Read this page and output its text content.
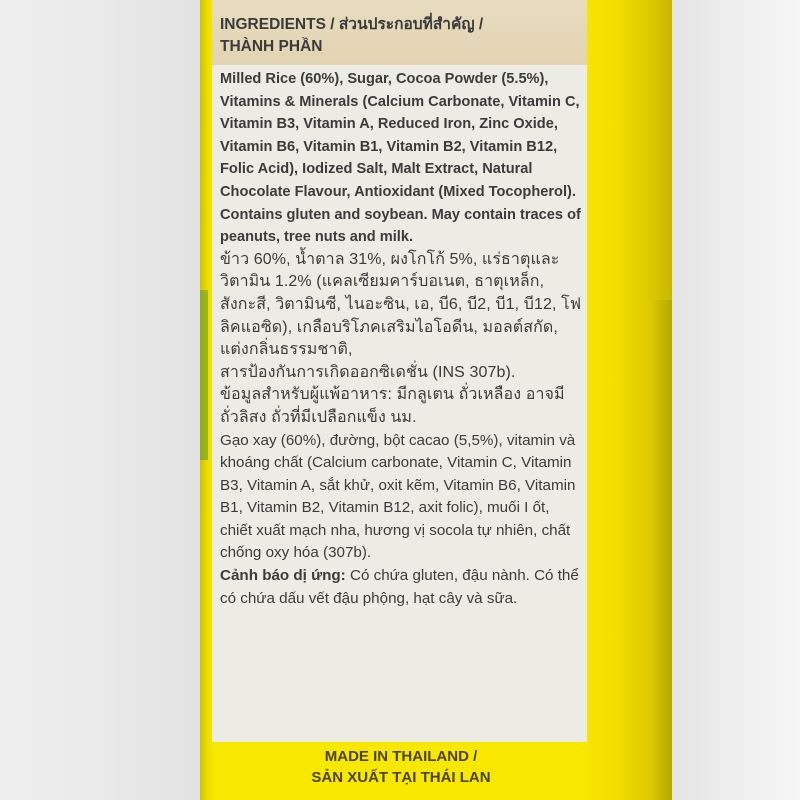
INGREDIENTS / ส่วนประกอบที่สำคัญ /
THÀNH PHẦN

Milled Rice (60%), Sugar, Cocoa Powder (5.5%), Vitamins & Minerals (Calcium Carbonate, Vitamin C, Vitamin B3, Vitamin A, Reduced Iron, Zinc Oxide, Vitamin B6, Vitamin B1, Vitamin B2, Vitamin B12, Folic Acid), Iodized Salt, Malt Extract, Natural Chocolate Flavour, Antioxidant (Mixed Tocopherol).

Contains gluten and soybean. May contain traces of peanuts, tree nuts and milk.

ข้าว 60%, น้ำตาล 31%, ผงโกโก้ 5%, แร่ธาตุและวิตามิน 1.2% (แคลเซียมคาร์บอเนต, ธาตุเหล็ก, สังกะสี, วิตามินซี, ไนอะซิน, เอ, บี6, บี2, บี1, บี12, โฟลิคแอซิด), เกลือบริโภคเสริมไอโอดีน, มอลต์สกัด, แต่งกลิ่นธรรมชาติ,

สารป้องกันการเกิดออกซิเดชั่น (INS 307b).

ข้อมูลสำหรับผู้แพ้อาหาร: มีกลูเตน ถั่วเหลือง อาจมีถั่วลิสง ถั่วที่มีเปลือกแข็ง นม.

Gạo xay (60%), đường, bột cacao (5,5%), vitamin và khoáng chất (Calcium carbonate, Vitamin C, Vitamin B3, Vitamin A, sắt khử, oxit kẽm, Vitamin B6, Vitamin B1, Vitamin B2, Vitamin B12, axit folic), muối I ốt, chiết xuất mạch nha, hương vị socola tự nhiên, chất chống oxy hóa (307b).

Cảnh báo dị ứng: Có chứa gluten, đậu nành. Có thể có chứa dấu vết đậu phộng, hạt cây và sữa.

MADE IN THAILAND /
SẢN XUẤT TẠI THÁI LAN
